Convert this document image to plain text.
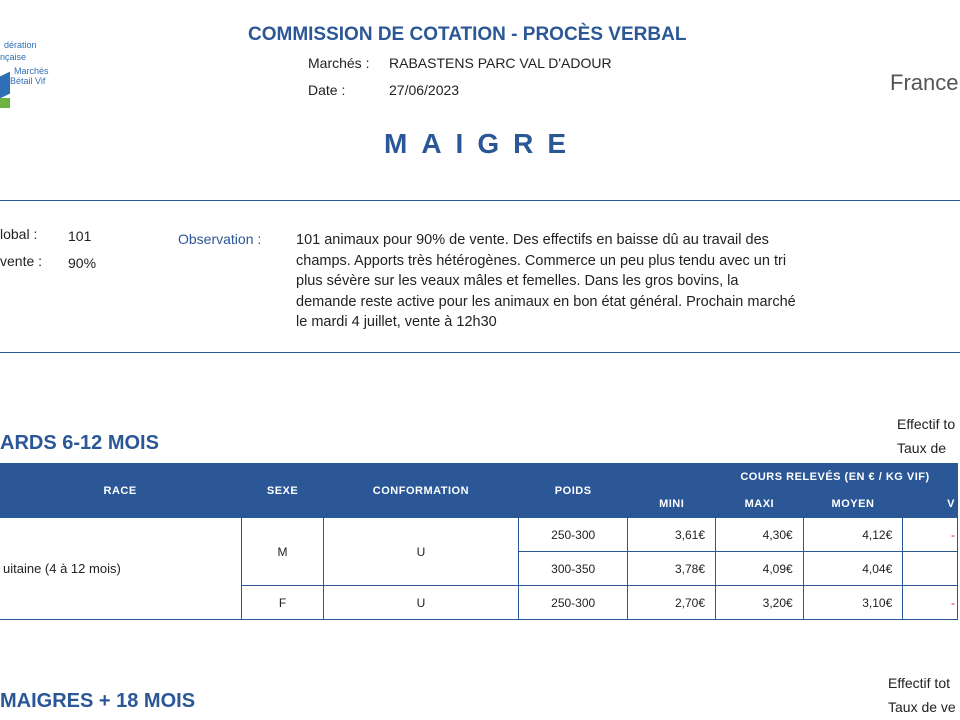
dération
nçaise
Marchés
Bétail Vif
COMMISSION DE COTATION - PROCÈS VERBAL
Marchés : RABASTENS PARC VAL D'ADOUR
Date :	27/06/2023	France
MAIGRE
lobal : 101
vente : 90%
Observation : 101 animaux pour 90% de vente. Des effectifs en baisse dû au travail des champs. Apports très hétérogènes. Commerce un peu plus tendu avec un tri plus sévère sur les veaux mâles et femelles. Dans les gros bovins, la demande reste active pour les animaux en bon état général. Prochain marché le mardi 4 juillet, vente à 12h30
Effectif to
Taux de
ARDS 6-12 MOIS
RACE	SEXE	CONFORMATION	POIDS	COURS RELEVÉS (EN € / KG VIF)			
				MINI	MAXI	MOYEN	V
uitaine (4 à 12 mois)	M	U	250-300	3,61€	4,30€	4,12€	-
			300-350	3,78€	4,09€	4,04€	
	F	U	250-300	2,70€	3,20€	3,10€	-
Effectif tot
Taux de ve
MAIGRES + 18 MOIS
